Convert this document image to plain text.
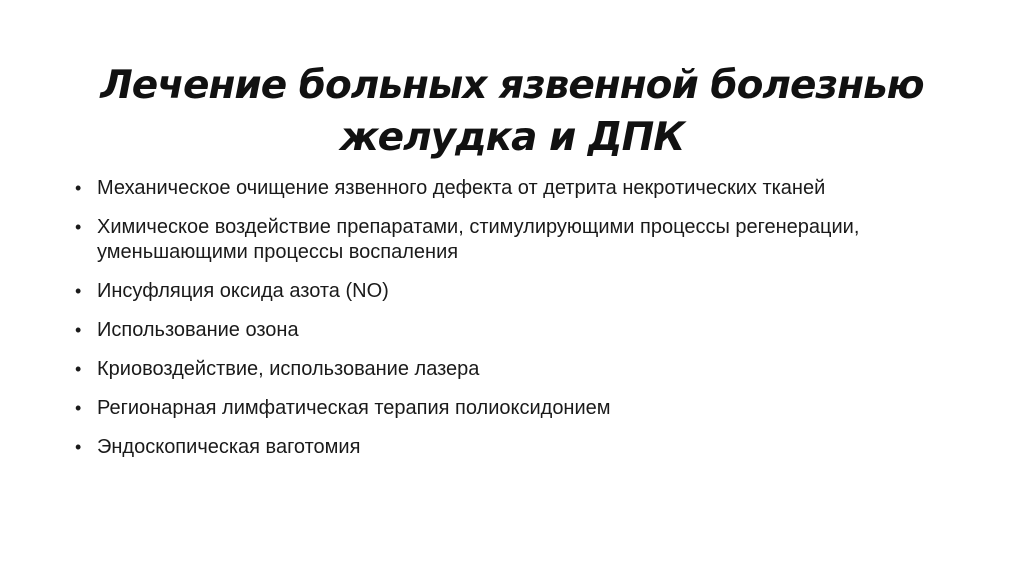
Лечение больных язвенной болезнью
желудка и ДПК
• Механическое очищение язвенного дефекта от детрита некротических тканей
• Химическое воздействие препаратами, стимулирующими процессы регенерации, уменьшающими процессы воспаления
• Инсуфляция оксида азота (NO)
• Использование озона
• Криовоздействие, использование лазера
• Регионарная лимфатическая терапия полиоксидонием
• Эндоскопическая ваготомия
